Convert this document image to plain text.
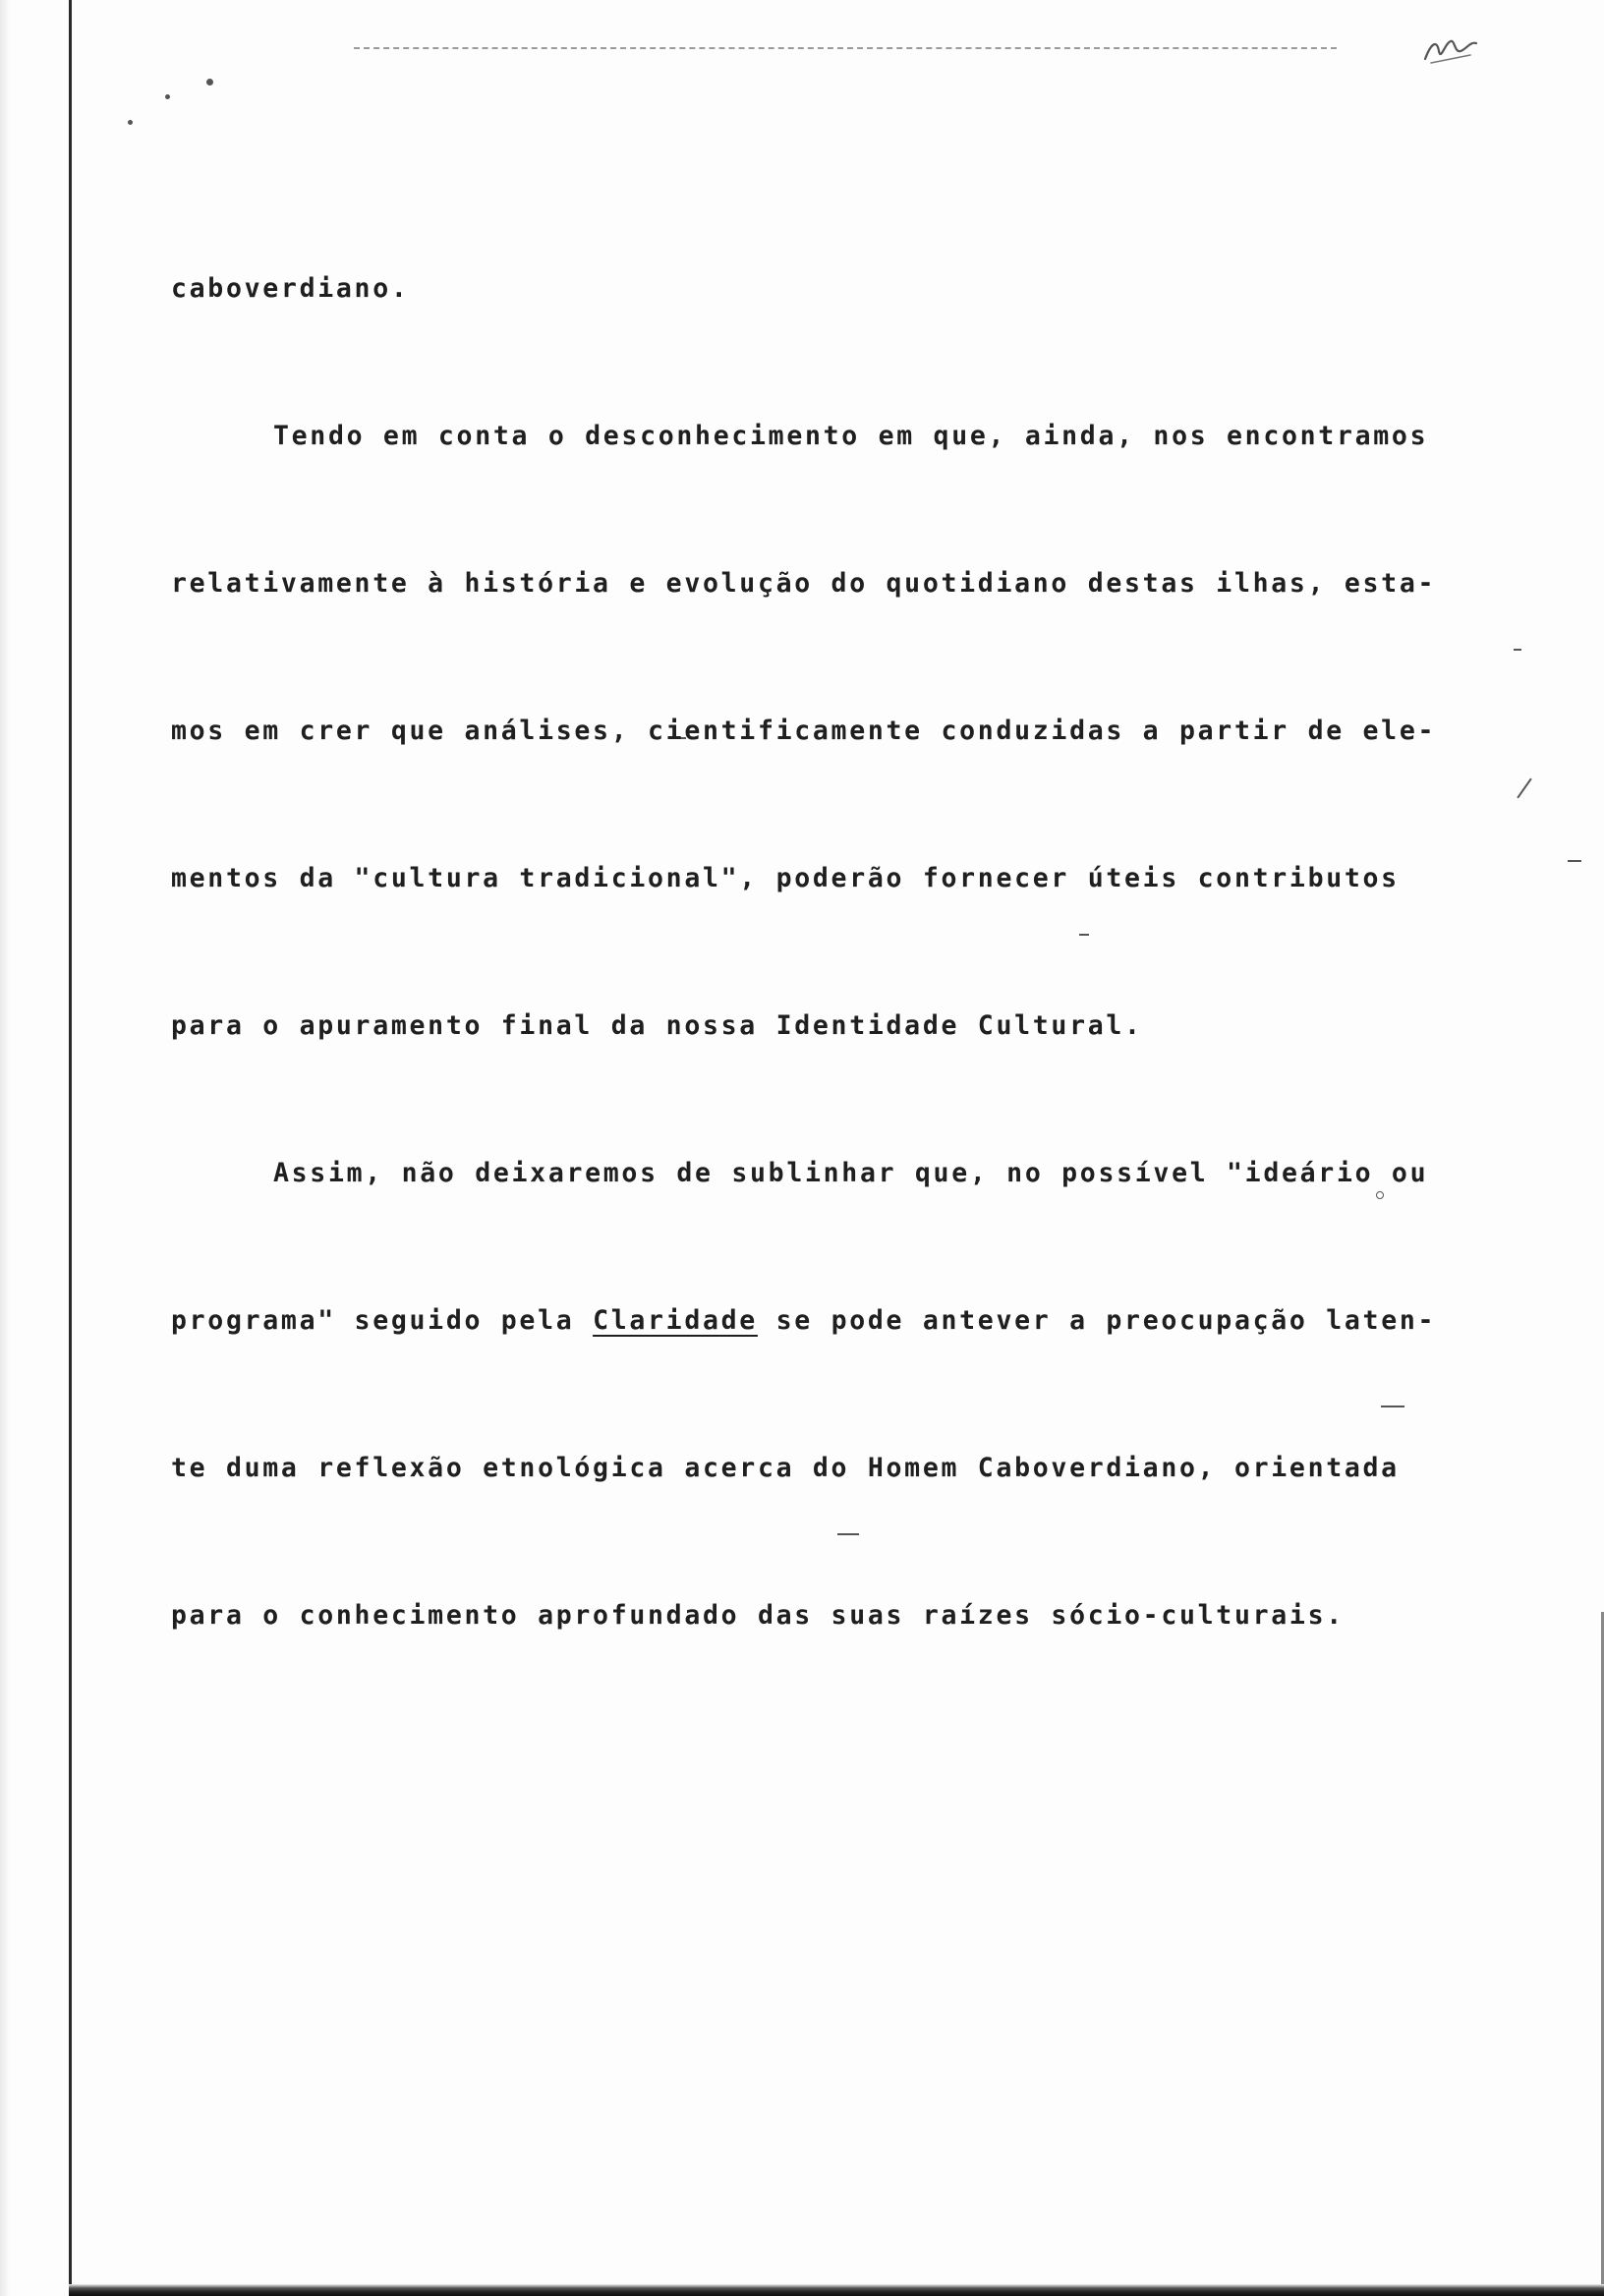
caboverdiano.

Tendo em conta o desconhecimento em que, ainda, nos encontramos

relativamente à história e evolução do quotidiano destas ilhas, esta-

mos em crer que análises, cientificamente conduzidas a partir de ele-

mentos da "cultura tradicional", poderão fornecer úteis contributos

para o apuramento final da nossa Identidade Cultural.

Assim, não deixaremos de sublinhar que, no possível "ideário ou

programa" seguido pela Claridade se pode antever a preocupação laten-

te duma reflexão etnológica acerca do Homem Caboverdiano, orientada

para o conhecimento aprofundado das suas raízes sócio-culturais.
